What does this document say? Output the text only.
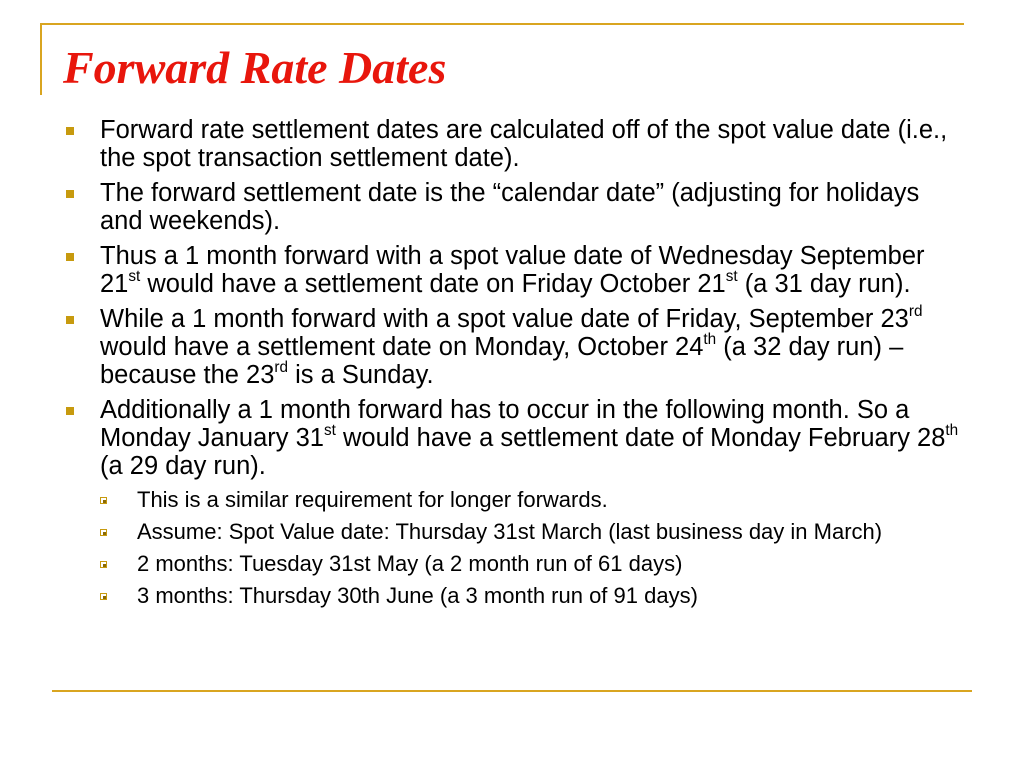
Forward Rate Dates
Forward rate settlement dates are calculated off of the spot value date (i.e., the spot transaction settlement date).
The forward settlement date is the “calendar date” (adjusting for holidays and weekends).
Thus a 1 month forward with a spot value date of Wednesday September 21st would have a settlement date on Friday October 21st (a 31 day run).
While a 1 month forward with a spot value date of Friday, September 23rd would have a settlement date on Monday, October 24th (a 32 day run) – because the 23rd is a Sunday.
Additionally a 1 month forward has to occur in the following month. So a Monday January 31st would have a settlement date of Monday February 28th (a 29 day run).
This is a similar requirement for longer forwards.
Assume: Spot Value date: Thursday 31st March (last business day in March)
2 months: Tuesday 31st May (a 2 month run of 61 days)
3 months: Thursday 30th June (a 3 month run of 91 days)
